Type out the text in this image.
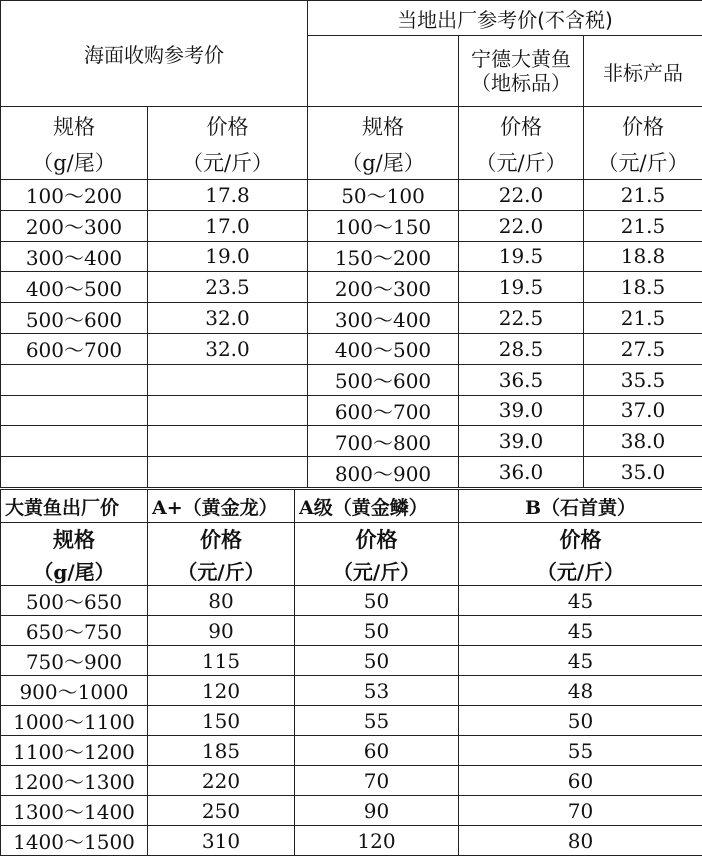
海面收购参考价		当地出厂参考价(不含税)		
			宁德大黄鱼（地标品）	非标产品
规格	价格	规格	价格	价格
（g/尾）	（元/斤）	（g/尾）	（元/斤）	（元/斤）
100～200	17.8	50～100	22.0	21.5
200～300	17.0	100～150	22.0	21.5
300～400	19.0	150～200	19.5	18.8
400～500	23.5	200～300	19.5	18.5
500～600	32.0	300～400	22.5	21.5
600～700	32.0	400～500	28.5	27.5
		500～600	36.5	35.5
		600～700	39.0	37.0
		700～800	39.0	38.0
		800～900	36.0	35.0
大黄鱼出厂价	A+（黄金龙）	A级（黄金鳞）	B（石首黄）
规格	价格	价格	价格
（g/尾）	（元/斤）	（元/斤）	（元/斤）
500～650	80	50	45
650～750	90	50	45
750～900	115	50	45
900～1000	120	53	48
1000～1100	150	55	50
1100～1200	185	60	55
1200～1300	220	70	60
1300～1400	250	90	70
1400～1500	310	120	80
